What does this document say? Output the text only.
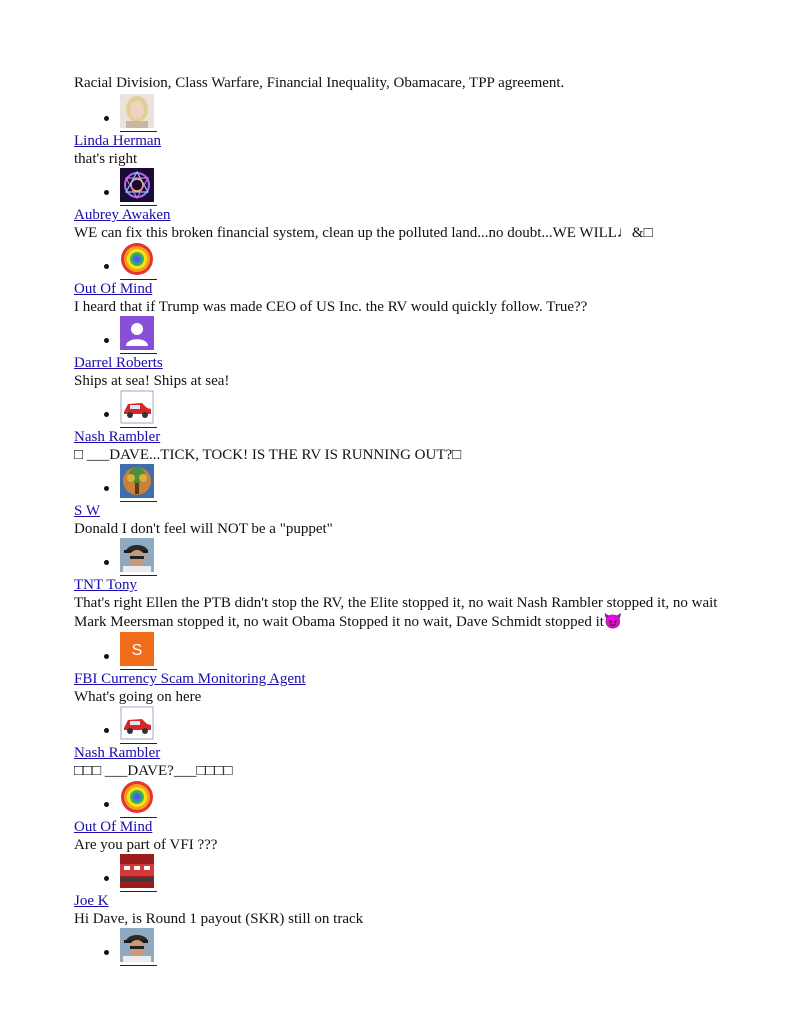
Racial Division, Class Warfare, Financial Inequality, Obamacare, TPP agreement.
Linda Herman
that's right
Aubrey Awaken
WE can fix this broken financial system, clean up the polluted land...no doubt...WE WILL♩&□
Out Of Mind
I heard that if Trump was made CEO of US Inc. the RV would quickly follow. True??
Darrel Roberts
Ships at sea! Ships at sea!
Nash Rambler
□ ___DAVE...TICK, TOCK! IS THE RV IS RUNNING OUT?□
S W
Donald I don't feel will NOT be a "puppet"
TNT Tony
That's right Ellen the PTB didn't stop the RV, the Elite stopped it, no wait Nash Rambler stopped it, no wait Mark Meersman stopped it, no wait Obama Stopped it no wait, Dave Schmidt stopped it😈
S
FBI Currency Scam Monitoring Agent
What's going on here
Nash Rambler
□□□ ___DAVE?___□□□□
Out Of Mind
Are you part of VFI ???
Joe K
Hi Dave, is Round 1 payout (SKR) still on track
